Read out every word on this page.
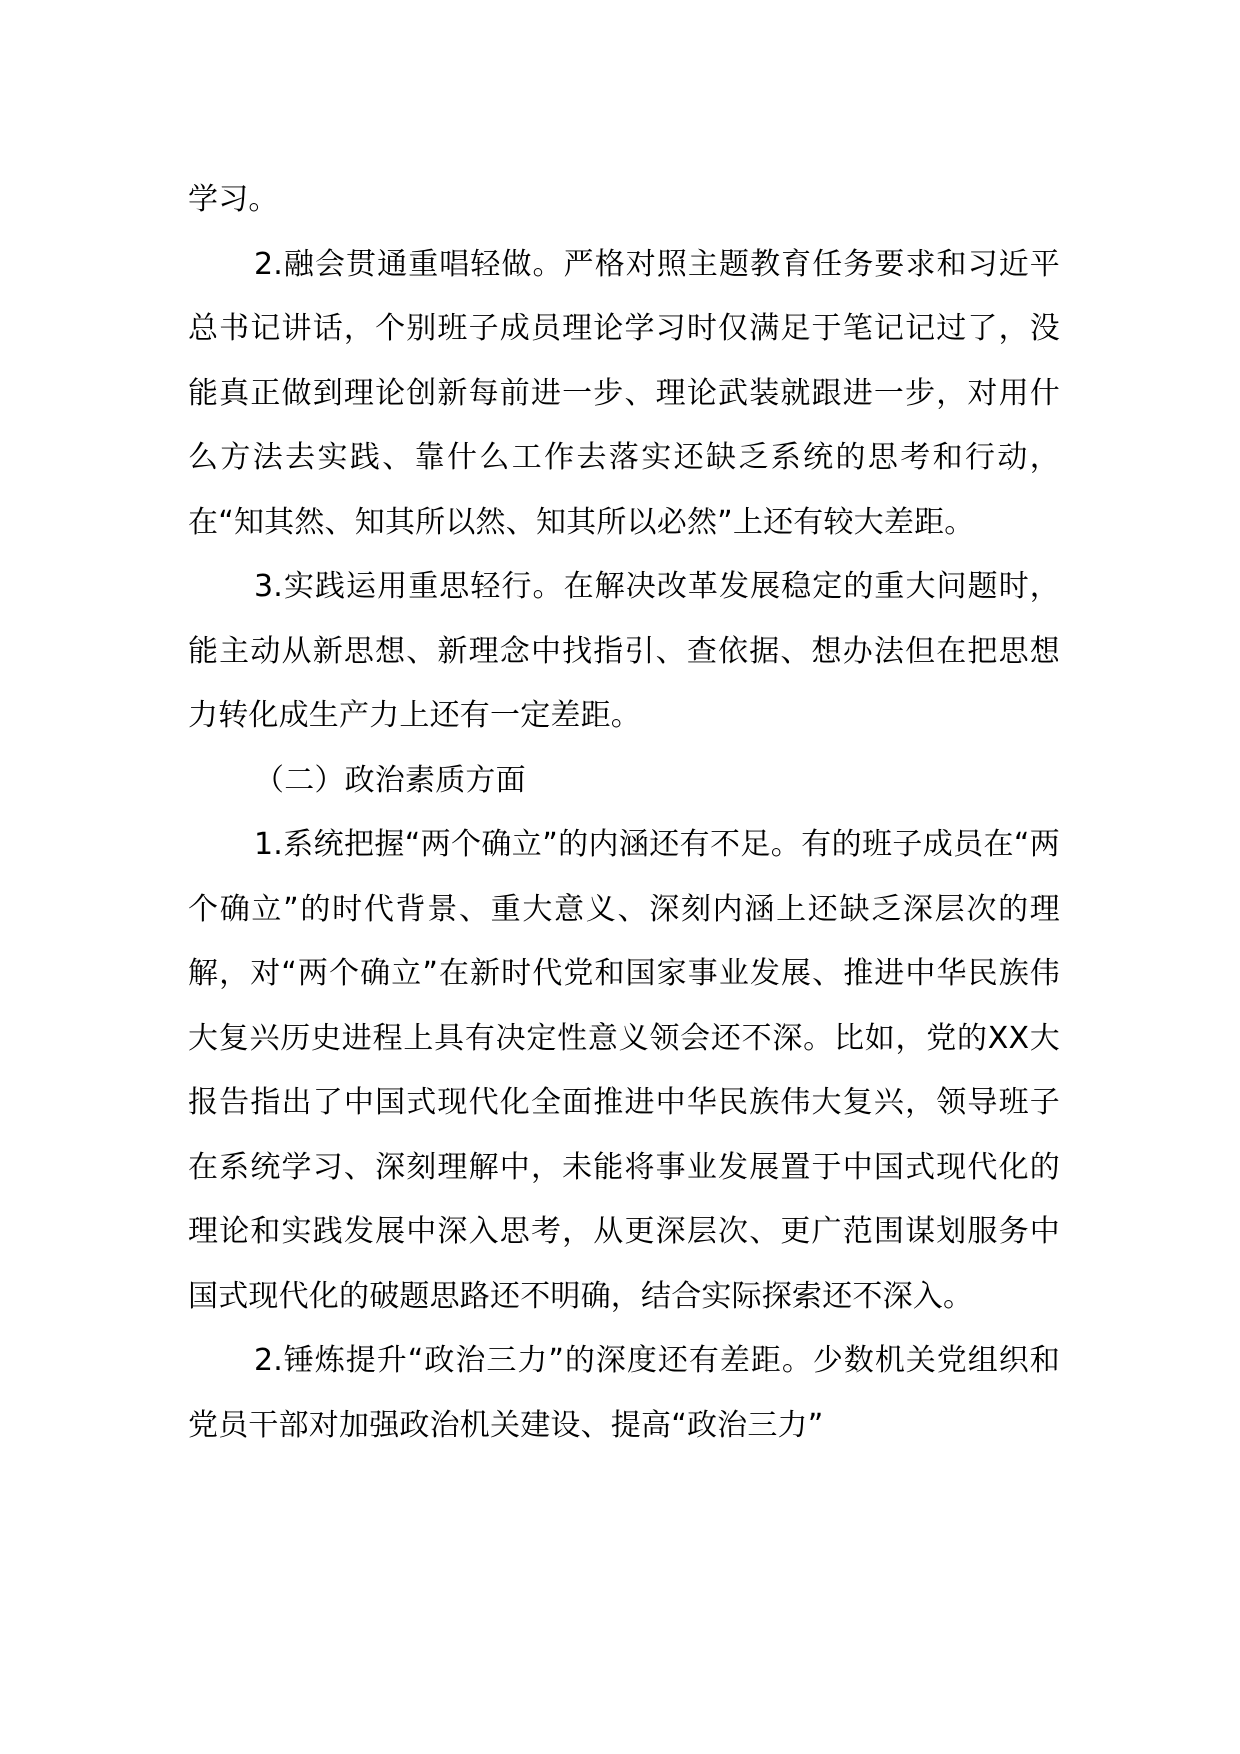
学习。

2.融会贯通重唱轻做。严格对照主题教育任务要求和习近平总书记讲话，个别班子成员理论学习时仅满足于笔记记过了，没能真正做到理论创新每前进一步、理论武装就跟进一步，对用什么方法去实践、靠什么工作去落实还缺乏系统的思考和行动，在“知其然、知其所以然、知其所以必然”上还有较大差距。

3.实践运用重思轻行。在解决改革发展稳定的重大问题时，能主动从新思想、新理念中找指引、查依据、想办法但在把思想力转化成生产力上还有一定差距。

（二）政治素质方面

1.系统把握“两个确立”的内涵还有不足。有的班子成员在“两个确立”的时代背景、重大意义、深刻内涵上还缺乏深层次的理解，对“两个确立”在新时代党和国家事业发展、推进中华民族伟大复兴历史进程上具有决定性意义领会还不深。比如，党的XX大报告指出了中国式现代化全面推进中华民族伟大复兴，领导班子在系统学习、深刻理解中，未能将事业发展置于中国式现代化的理论和实践发展中深入思考，从更深层次、更广范围谋划服务中国式现代化的破题思路还不明确，结合实际探索还不深入。

2.锤炼提升“政治三力”的深度还有差距。少数机关党组织和党员干部对加强政治机关建设、提高“政治三力”
